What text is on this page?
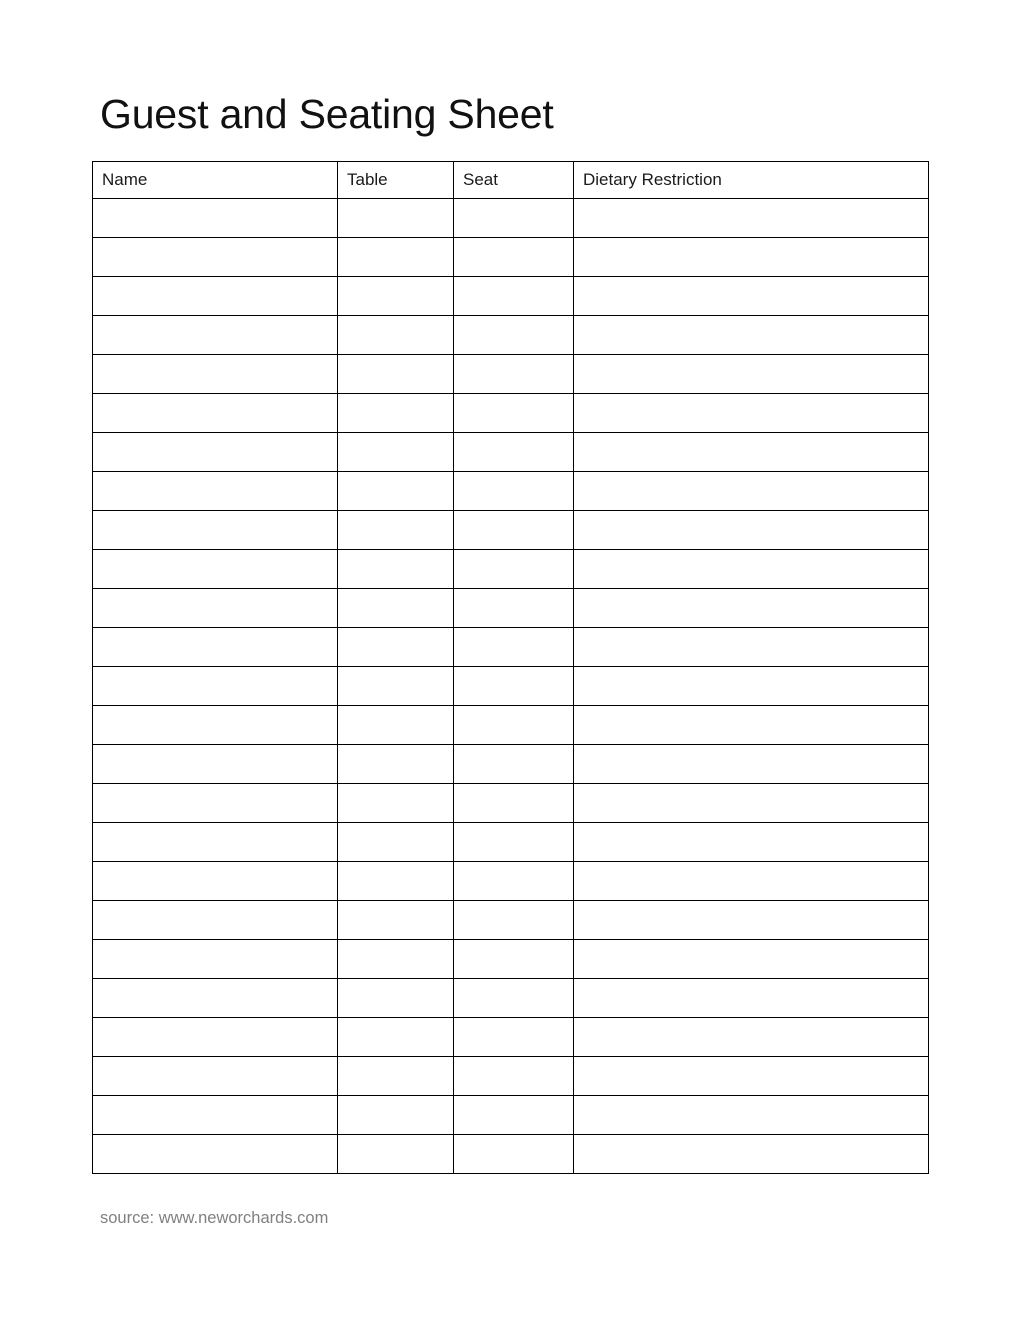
Guest and Seating Sheet
Name	Table	Seat	Dietary Restriction

source: www.neworchards.com
